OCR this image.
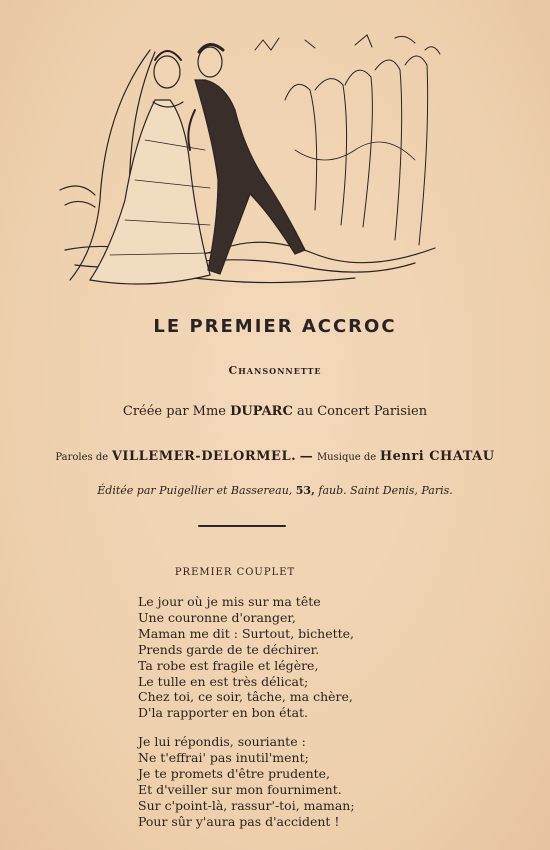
LE PREMIER ACCROC
Chansonnette
Créée par Mme DUPARC au Concert Parisien
Paroles de VILLEMER-DELORMEL. — Musique de Henri CHATAU
Éditée par Puigellier et Bassereau, 53, faub. Saint Denis, Paris.
PREMIER COUPLET
Le jour où je mis sur ma tête
Une couronne d'oranger,
Maman me dit : Surtout, bichette,
Prends garde de te déchirer.
Ta robe est fragile et légère,
Le tulle en est très délicat;
Chez toi, ce soir, tâche, ma chère,
D'la rapporter en bon état.
Je lui répondis, souriante :
Ne t'effrai' pas inutil'ment;
Je te promets d'être prudente,
Et d'veiller sur mon fourniment.
Sur c'point-là, rassur'-toi, maman;
Pour sûr y'aura pas d'accident !
